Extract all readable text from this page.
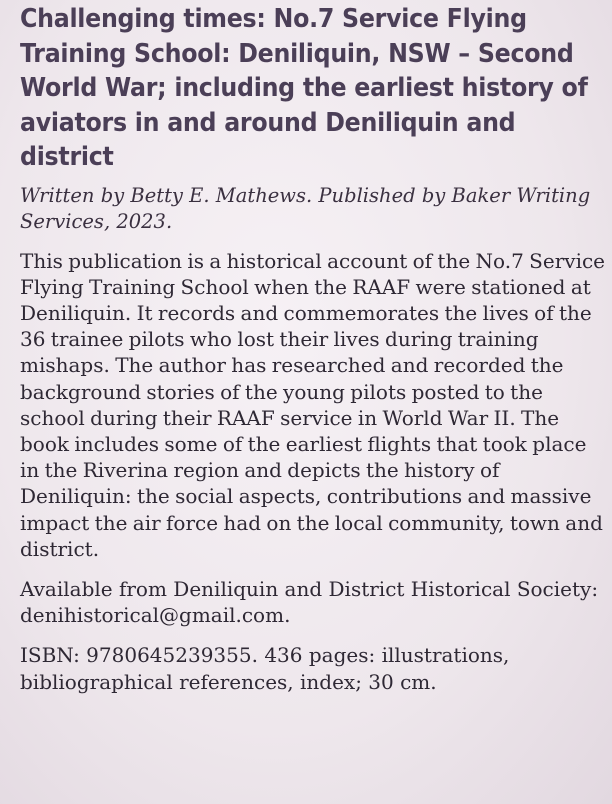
Challenging times: No.7 Service Flying Training School: Deniliquin, NSW – Second World War; including the earliest history of aviators in and around Deniliquin and district

Written by Betty E. Mathews. Published by Baker Writing Services, 2023.

This publication is a historical account of the No.7 Service Flying Training School when the RAAF were stationed at Deniliquin. It records and commemorates the lives of the 36 trainee pilots who lost their lives during training mishaps. The author has researched and recorded the background stories of the young pilots posted to the school during their RAAF service in World War II. The book includes some of the earliest flights that took place in the Riverina region and depicts the history of Deniliquin: the social aspects, contributions and massive impact the air force had on the local community, town and district.

Available from Deniliquin and District Historical Society: denihistorical@gmail.com.

ISBN: 9780645239355. 436 pages: illustrations, bibliographical references, index; 30 cm.
